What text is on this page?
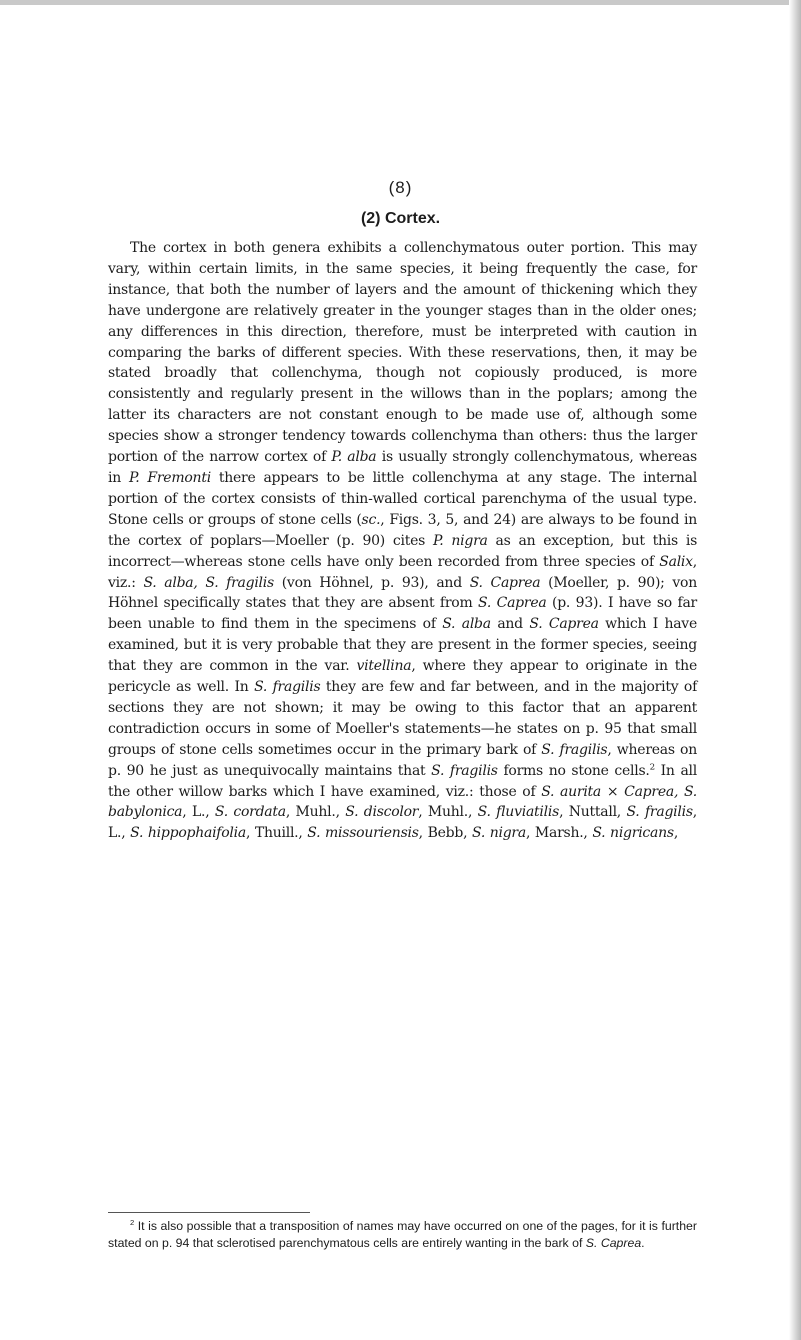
(8)
(2) Cortex.

The cortex in both genera exhibits a collenchymatous outer portion. This may vary, within certain limits, in the same species, it being frequently the case, for instance, that both the number of layers and the amount of thickening which they have undergone are relatively greater in the younger stages than in the older ones; any differences in this direction, therefore, must be interpreted with caution in comparing the barks of different species. With these reservations, then, it may be stated broadly that collenchyma, though not copiously produced, is more consistently and regularly present in the willows than in the poplars; among the latter its characters are not constant enough to be made use of, although some species show a stronger tendency towards collenchyma than others: thus the larger portion of the narrow cortex of P. alba is usually strongly collenchymatous, whereas in P. Fremonti there appears to be little collenchyma at any stage. The internal portion of the cortex consists of thin-walled cortical parenchyma of the usual type. Stone cells or groups of stone cells (sc., Figs. 3, 5, and 24) are always to be found in the cortex of poplars—Moeller (p. 90) cites P. nigra as an exception, but this is incorrect—whereas stone cells have only been recorded from three species of Salix, viz.: S. alba, S. fragilis (von Höhnel, p. 93), and S. Caprea (Moeller, p. 90); von Höhnel specifically states that they are absent from S. Caprea (p. 93). I have so far been unable to find them in the specimens of S. alba and S. Caprea which I have examined, but it is very probable that they are present in the former species, seeing that they are common in the var. vitellina, where they appear to originate in the pericycle as well. In S. fragilis they are few and far between, and in the majority of sections they are not shown; it may be owing to this factor that an apparent contradiction occurs in some of Moeller's statements—he states on p. 95 that small groups of stone cells sometimes occur in the primary bark of S. fragilis, whereas on p. 90 he just as unequivocally maintains that S. fragilis forms no stone cells.$^2$ In all the other willow barks which I have examined, viz.: those of S. aurita × Caprea, S. babylonica, L., S. cordata, Muhl., S. discolor, Muhl., S. fluviatilis, Nuttall, S. fragilis, L., S. hippophaifolia, Thuill., S. missouriensis, Bebb, S. nigra, Marsh., S. nigricans,

$^2$ It is also possible that a transposition of names may have occurred on one of the pages, for it is further stated on p. 94 that sclerotised parenchymatous cells are entirely wanting in the bark of S. Caprea.
